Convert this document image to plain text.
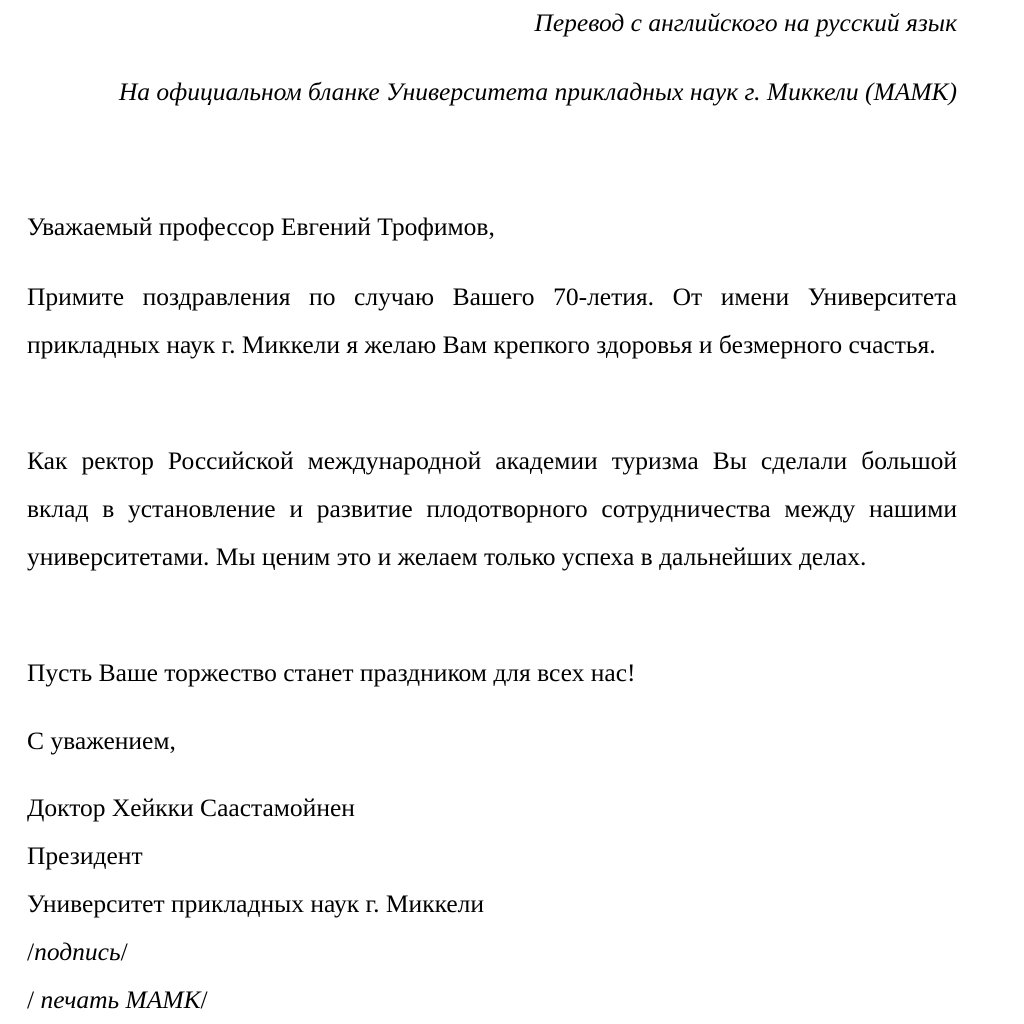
Перевод с английского на русский язык
На официальном бланке Университета прикладных наук г. Миккели (МАМК)
Уважаемый профессор Евгений Трофимов,

Примите поздравления по случаю Вашего 70-летия. От имени Университета прикладных наук г. Миккели я желаю Вам крепкого здоровья и безмерного счастья.

Как ректор Российской международной академии туризма Вы сделали большой вклад в установление и развитие плодотворного сотрудничества между нашими университетами. Мы ценим это и желаем только успеха в дальнейших делах.

Пусть Ваше торжество станет праздником для всех нас!

С уважением,
Доктор Хейкки Саастамойнен
Президент
Университет прикладных наук г. Миккели
/подпись/
/ печать МАМК/
